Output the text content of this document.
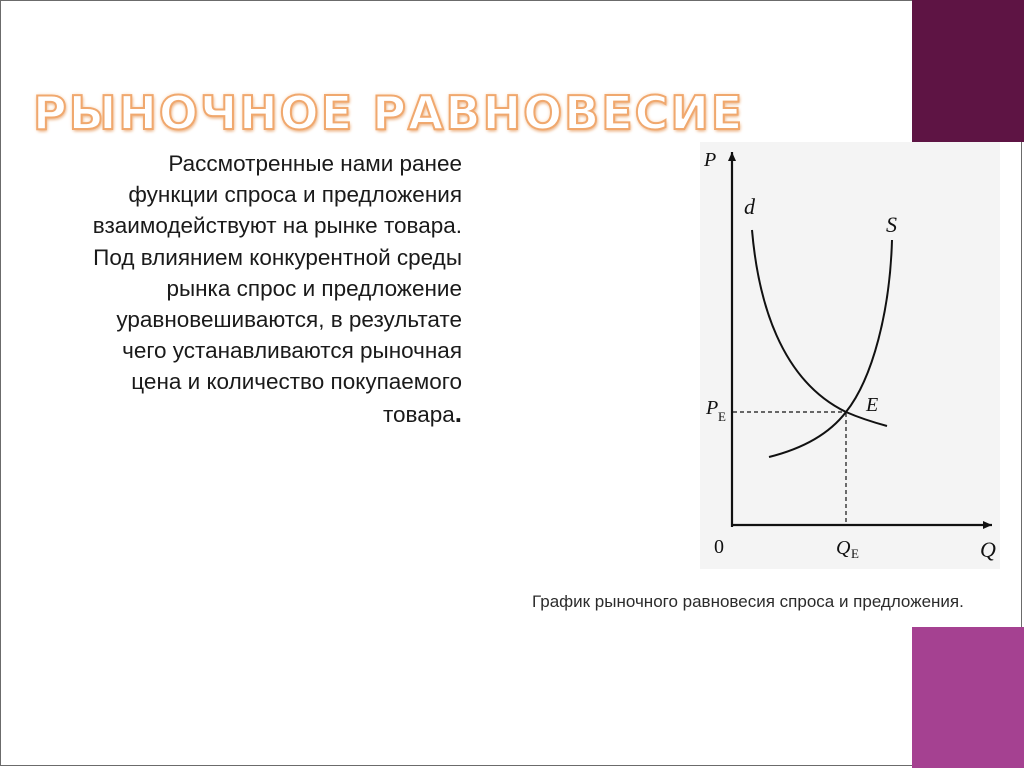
РЫНОЧНОЕ РАВНОВЕСИЕ

Рассмотренные нами ранее функции спроса и предложения взаимодействуют на рынке товара. Под влиянием конкурентной среды рынка спрос и предложение уравновешиваются, в результате чего устанавливаются рыночная цена и количество покупаемого товара.

P
Q
0
d
S
E
P E
Q E

График рыночного равновесия спроса и предложения.
